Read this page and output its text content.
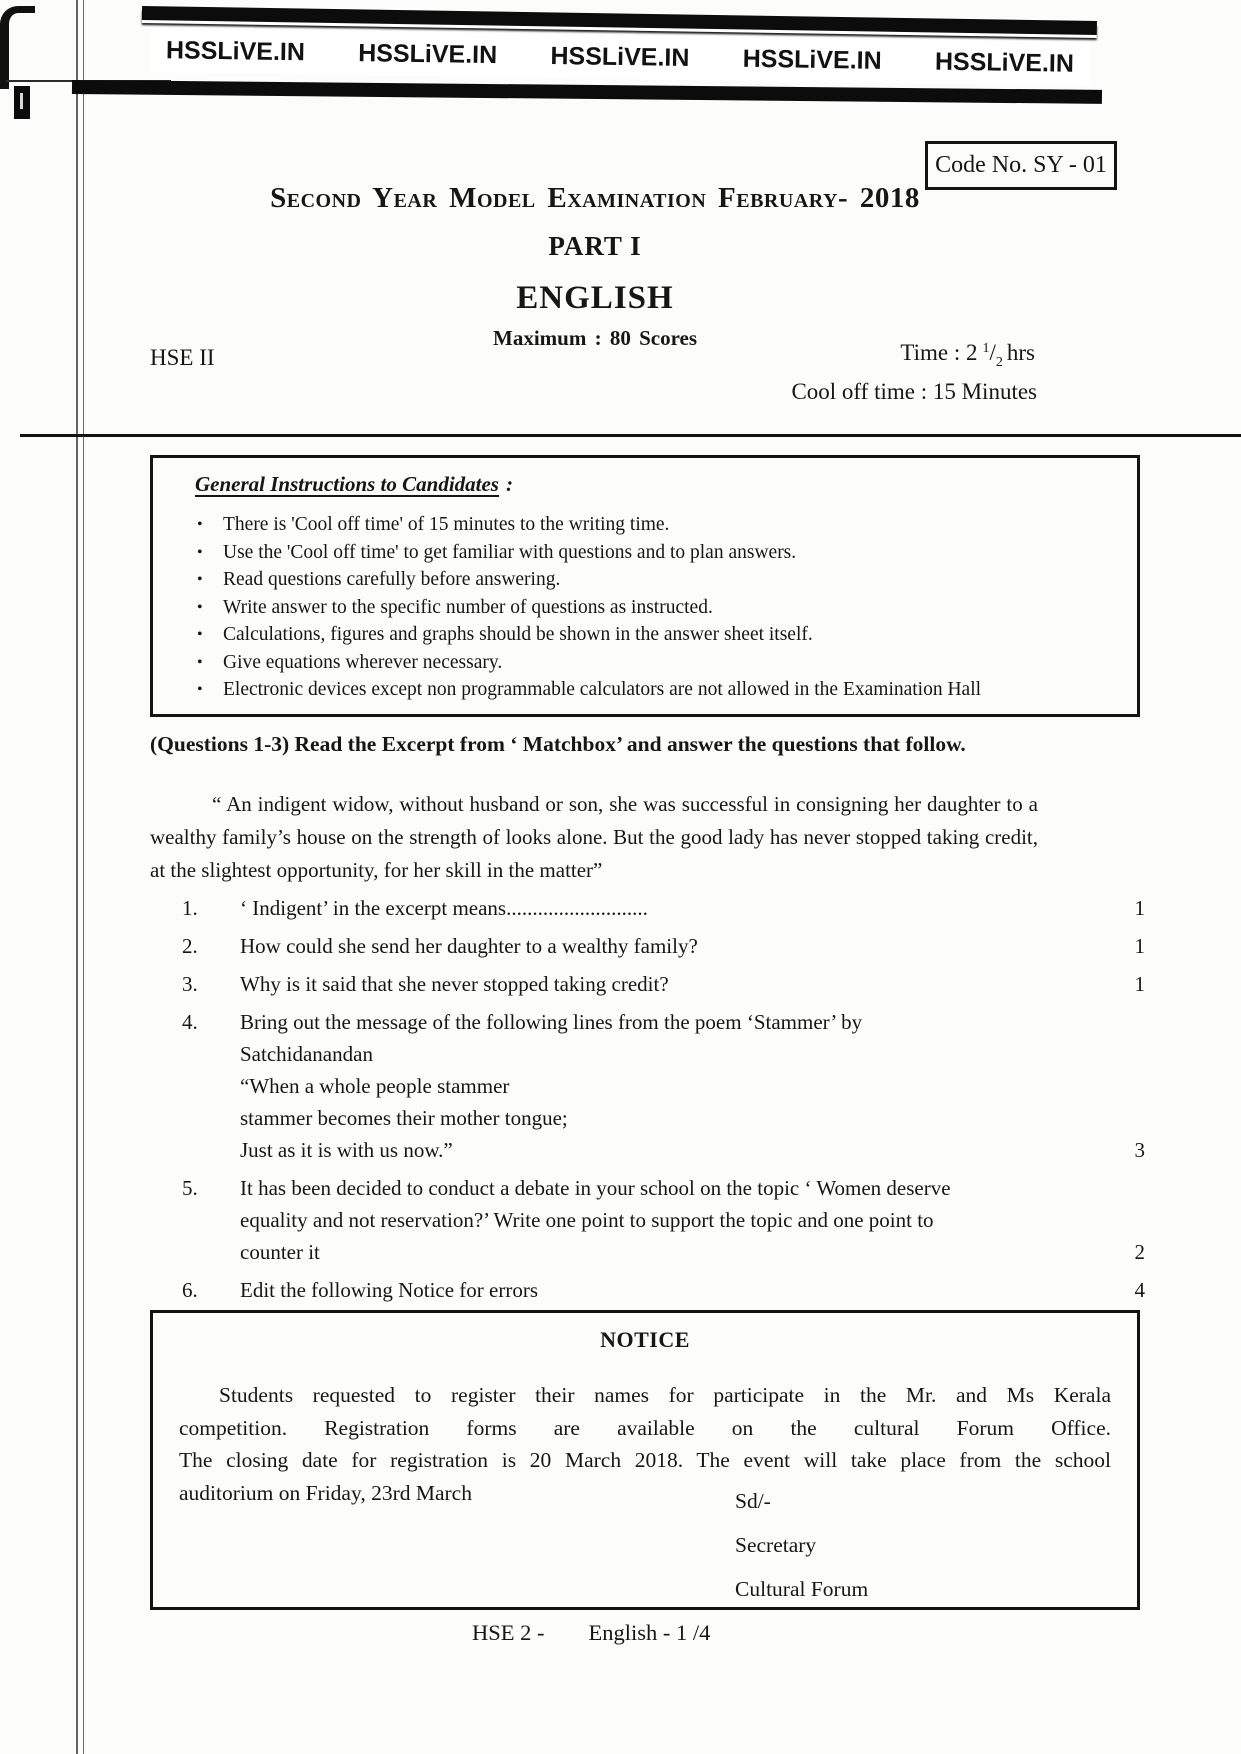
HSSLiVE.IN HSSLiVE.IN HSSLiVE.IN HSSLiVE.IN HSSLiVE.IN
Code No. SY - 01
Second Year Model Examination February- 2018
PART I
ENGLISH
Maximum : 80 Scores
HSE II	Time : 2 $^1/_2$ hrs
Cool off time : 15 Minutes
General Instructions to Candidates :
• There is 'Cool off time' of 15 minutes to the writing time.
• Use the 'Cool off time' to get familiar with questions and to plan answers.
• Read questions carefully before answering.
• Write answer to the specific number of questions as instructed.
• Calculations, figures and graphs should be shown in the answer sheet itself.
• Give equations wherever necessary.
• Electronic devices except non programmable calculators are not allowed in the Examination Hall
(Questions 1-3) Read the Excerpt from ‘ Matchbox’ and answer the questions that follow.
“ An indigent widow, without husband or son, she was successful in consigning her daughter to a wealthy family’s house on the strength of looks alone. But the good lady has never stopped taking credit, at the slightest opportunity, for her skill in the matter”
1.	‘ Indigent’ in the excerpt means...........................	1
2.	How could she send her daughter to a wealthy family?	1
3.	Why is it said that she never stopped taking credit?	1
4.	Bring out the message of the following lines from the poem ‘Stammer’ by
Satchidanandan
“When a whole people stammer
stammer becomes their mother tongue;
Just as it is with us now.”	3
5.	It has been decided to conduct a debate in your school on the topic ‘ Women deserve
equality and not reservation?’ Write one point to support the topic and one point to
counter it	2
6.	Edit the following Notice for errors	4
NOTICE
Students requested to register their names for participate in the Mr. and Ms Kerala
competition. Registration forms are available on the cultural Forum Office.
The closing date for registration is 20 March 2018. The event will take place from the school
auditorium on Friday, 23rd March	Sd/-
Secretary
Cultural Forum
HSE 2 - English - 1 /4
